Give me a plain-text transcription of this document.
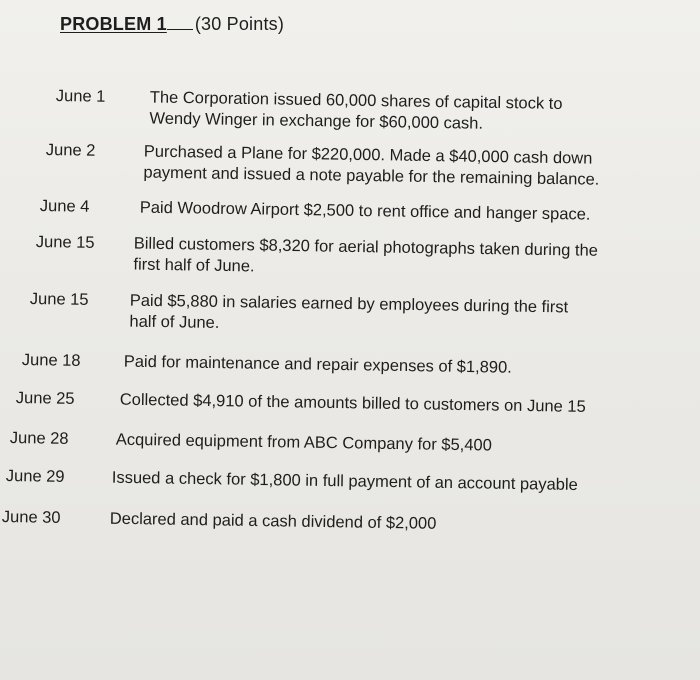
PROBLEM 1 (30 Points)
June 1	The Corporation issued 60,000 shares of capital stock to
Wendy Winger in exchange for $60,000 cash.
June 2	Purchased a Plane for $220,000. Made a $40,000 cash down
payment and issued a note payable for the remaining balance.
June 4	Paid Woodrow Airport $2,500 to rent office and hanger space.
June 15 Billed customers $8,320 for aerial photographs taken during the
first half of June.
June 15 Paid $5,880 in salaries earned by employees during the first
half of June.
June 18	Paid for maintenance and repair expenses of $1,890.
June 25	Collected $4,910 of the amounts billed to customers on June 15
June 28	Acquired equipment from ABC Company for $5,400
June 29	Issued a check for $1,800 in full payment of an account payable
June 30	Declared and paid a cash dividend of $2,000
